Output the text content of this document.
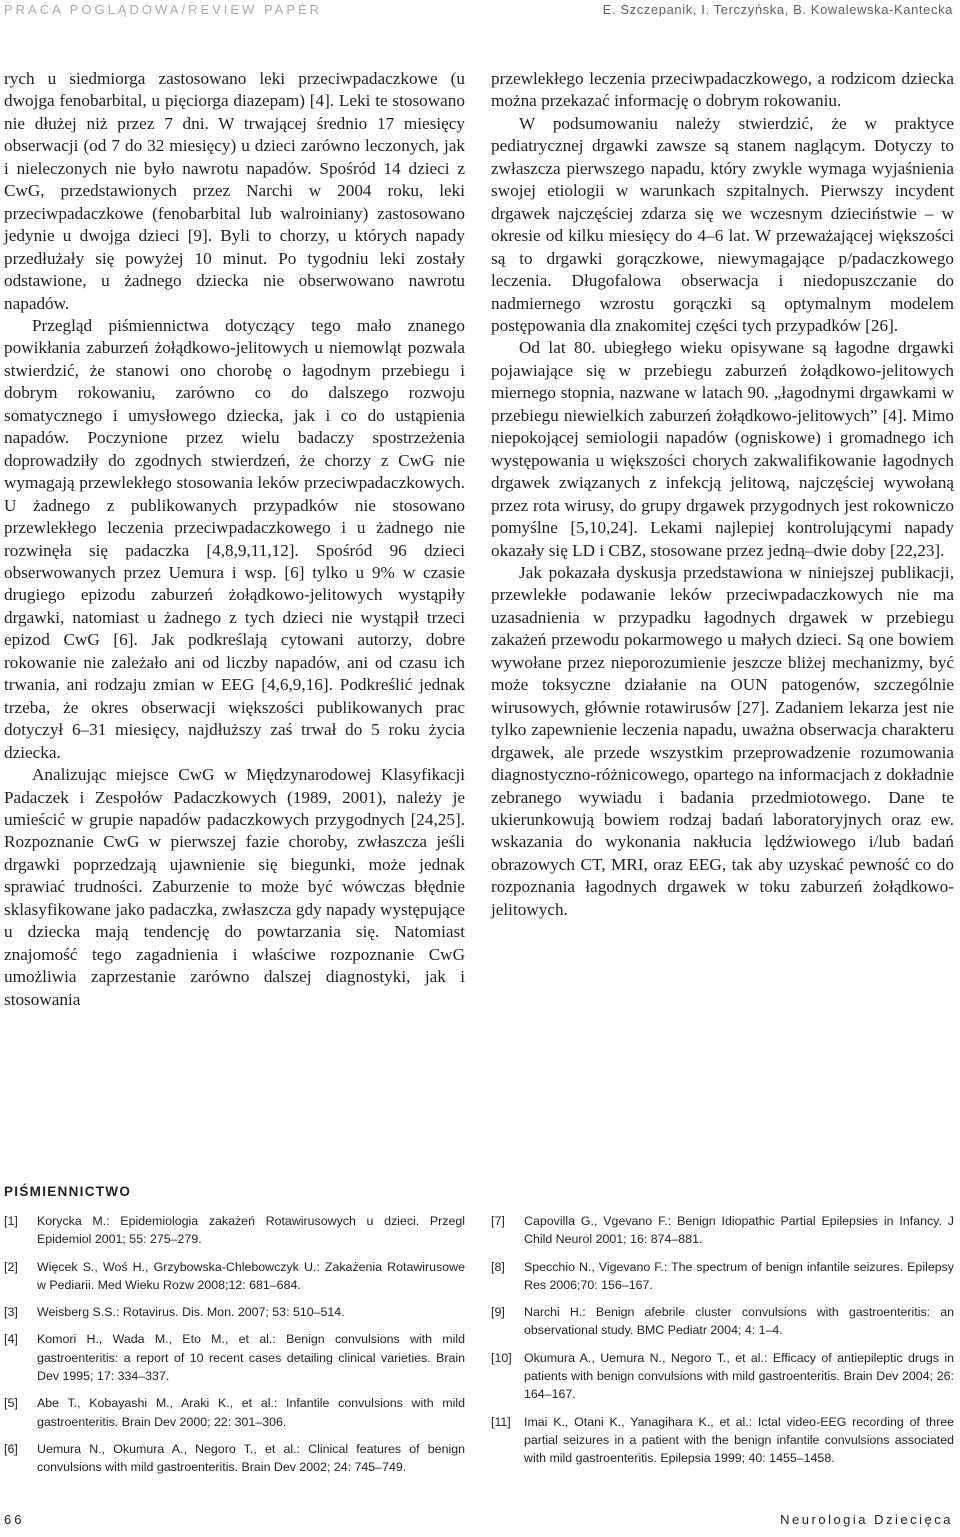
PRACA POGLĄDOWA/REVIEW PAPER	E. Szczepanik, I. Terczyńska, B. Kowalewska-Kantecka

rych u siedmiorga zastosowano leki przeciwpadaczkowe (u dwojga fenobarbital, u pięciorga diazepam) [4]. Leki te stosowano nie dłużej niż przez 7 dni. W trwającej średnio 17 miesięcy obserwacji (od 7 do 32 miesięcy) u dzieci zarówno leczonych, jak i nieleczonych nie było nawrotu napadów. Spośród 14 dzieci z CwG, przedstawionych przez Narchi w 2004 roku, leki przeciwpadaczkowe (fenobarbital lub walroiniany) zastosowano jedynie u dwojga dzieci [9]. Byli to chorzy, u których napady przedłużały się powyżej 10 minut. Po tygodniu leki zostały odstawione, u żadnego dziecka nie obserwowano nawrotu napadów.

Przegląd piśmiennictwa dotyczący tego mało znanego powikłania zaburzeń żołądkowo-jelitowych u niemowląt pozwala stwierdzić, że stanowi ono chorobę o łagodnym przebiegu i dobrym rokowaniu, zarówno co do dalszego rozwoju somatycznego i umysłowego dziecka, jak i co do ustąpienia napadów. Poczynione przez wielu badaczy spostrzeżenia doprowadziły do zgodnych stwierdzeń, że chorzy z CwG nie wymagają przewlekłego stosowania leków przeciwpadaczkowych. U żadnego z publikowanych przypadków nie stosowano przewlekłego leczenia przeciwpadaczkowego i u żadnego nie rozwinęła się padaczka [4,8,9,11,12]. Spośród 96 dzieci obserwowanych przez Uemura i wsp. [6] tylko u 9% w czasie drugiego epizodu zaburzeń żołądkowo-jelitowych wystąpiły drgawki, natomiast u żadnego z tych dzieci nie wystąpił trzeci epizod CwG [6]. Jak podkreślają cytowani autorzy, dobre rokowanie nie zależało ani od liczby napadów, ani od czasu ich trwania, ani rodzaju zmian w EEG [4,6,9,16]. Podkreślić jednak trzeba, że okres obserwacji większości publikowanych prac dotyczył 6–31 miesięcy, najdłuższy zaś trwał do 5 roku życia dziecka.

Analizując miejsce CwG w Międzynarodowej Klasyfikacji Padaczek i Zespołów Padaczkowych (1989, 2001), należy je umieścić w grupie napadów padaczkowych przygodnych [24,25]. Rozpoznanie CwG w pierwszej fazie choroby, zwłaszcza jeśli drgawki poprzedzają ujawnienie się biegunki, może jednak sprawiać trudności. Zaburzenie to może być wówczas błędnie sklasyfikowane jako padaczka, zwłaszcza gdy napady występujące u dziecka mają tendencję do powtarzania się. Natomiast znajomość tego zagadnienia i właściwe rozpoznanie CwG umożliwia zaprzestanie zarówno dalszej diagnostyki, jak i stosowania

przewlekłego leczenia przeciwpadaczkowego, a rodzicom dziecka można przekazać informację o dobrym rokowaniu.

W podsumowaniu należy stwierdzić, że w praktyce pediatrycznej drgawki zawsze są stanem naglącym. Dotyczy to zwłaszcza pierwszego napadu, który zwykle wymaga wyjaśnienia swojej etiologii w warunkach szpitalnych. Pierwszy incydent drgawek najczęściej zdarza się we wczesnym dzieciństwie – w okresie od kilku miesięcy do 4–6 lat. W przeważającej większości są to drgawki gorączkowe, niewymagające p/padaczkowego leczenia. Długofalowa obserwacja i niedopuszczanie do nadmiernego wzrostu gorączki są optymalnym modelem postępowania dla znakomitej części tych przypadków [26].

Od lat 80. ubiegłego wieku opisywane są łagodne drgawki pojawiające się w przebiegu zaburzeń żołądkowo-jelitowych miernego stopnia, nazwane w latach 90. „łagodnymi drgawkami w przebiegu niewielkich zaburzeń żołądkowo-jelitowych” [4]. Mimo niepokojącej semiologii napadów (ogniskowe) i gromadnego ich występowania u większości chorych zakwalifikowanie łagodnych drgawek związanych z infekcją jelitową, najczęściej wywołaną przez rota wirusy, do grupy drgawek przygodnych jest rokowniczo pomyślne [5,10,24]. Lekami najlepiej kontrolującymi napady okazały się LD i CBZ, stosowane przez jedną–dwie doby [22,23].

Jak pokazała dyskusja przedstawiona w niniejszej publikacji, przewlekłe podawanie leków przeciwpadaczkowych nie ma uzasadnienia w przypadku łagodnych drgawek w przebiegu zakażeń przewodu pokarmowego u małych dzieci. Są one bowiem wywołane przez nieporozumienie jeszcze bliżej mechanizmy, być może toksyczne działanie na OUN patogenów, szczególnie wirusowych, głównie rotawirusów [27]. Zadaniem lekarza jest nie tylko zapewnienie leczenia napadu, uważna obserwacja charakteru drgawek, ale przede wszystkim przeprowadzenie rozumowania diagnostyczno-różnicowego, opartego na informacjach z dokładnie zebranego wywiadu i badania przedmiotowego. Dane te ukierunkowują bowiem rodzaj badań laboratoryjnych oraz ew. wskazania do wykonania nakłucia lędźwiowego i/lub badań obrazowych CT, MRI, oraz EEG, tak aby uzyskać pewność co do rozpoznania łagodnych drgawek w toku zaburzeń żołądkowo-jelitowych.

PIŚMIENNICTWO
[1] Korycka M.: Epidemiologia zakażeń Rotawirusowych u dzieci. Przegl Epidemiol 2001; 55: 275–279.
[2] Więcek S., Woś H., Grzybowska-Chlebowczyk U.: Zakażenia Rotawirusowe w Pediarii. Med Wieku Rozw 2008;12: 681–684.
[3] Weisberg S.S.: Rotavirus. Dis. Mon. 2007; 53: 510–514.
[4] Komori H., Wada M., Eto M., et al.: Benign convulsions with mild gastroenteritis: a report of 10 recent cases detailing clinical varieties. Brain Dev 1995; 17: 334–337.
[5] Abe T., Kobayashi M., Araki K., et al.: Infantile convulsions with mild gastroenteritis. Brain Dev 2000; 22: 301–306.
[6] Uemura N., Okumura A., Negoro T., et al.: Clinical features of benign convulsions with mild gastroenteritis. Brain Dev 2002; 24: 745–749.
[7] Capovilla G., Vgevano F.: Benign Idiopathic Partial Epilepsies in Infancy. J Child Neurol 2001; 16: 874–881.
[8] Specchio N., Vigevano F.: The spectrum of benign infantile seizures. Epilepsy Res 2006;70: 156–167.
[9] Narchi H.: Benign afebrile cluster convulsions with gastroenteritis: an observational study. BMC Pediatr 2004; 4: 1–4.
[10] Okumura A., Uemura N., Negoro T., et al.: Efficacy of antiepileptic drugs in patients with benign convulsions with mild gastroenteritis. Brain Dev 2004; 26: 164–167.
[11] Imai K., Otani K., Yanagihara K., et al.: Ictal video-EEG recording of three partial seizures in a patient with the benign infantile convulsions associated with mild gastroenteritis. Epilepsia 1999; 40: 1455–1458.
66	Neurologia Dziecięca
